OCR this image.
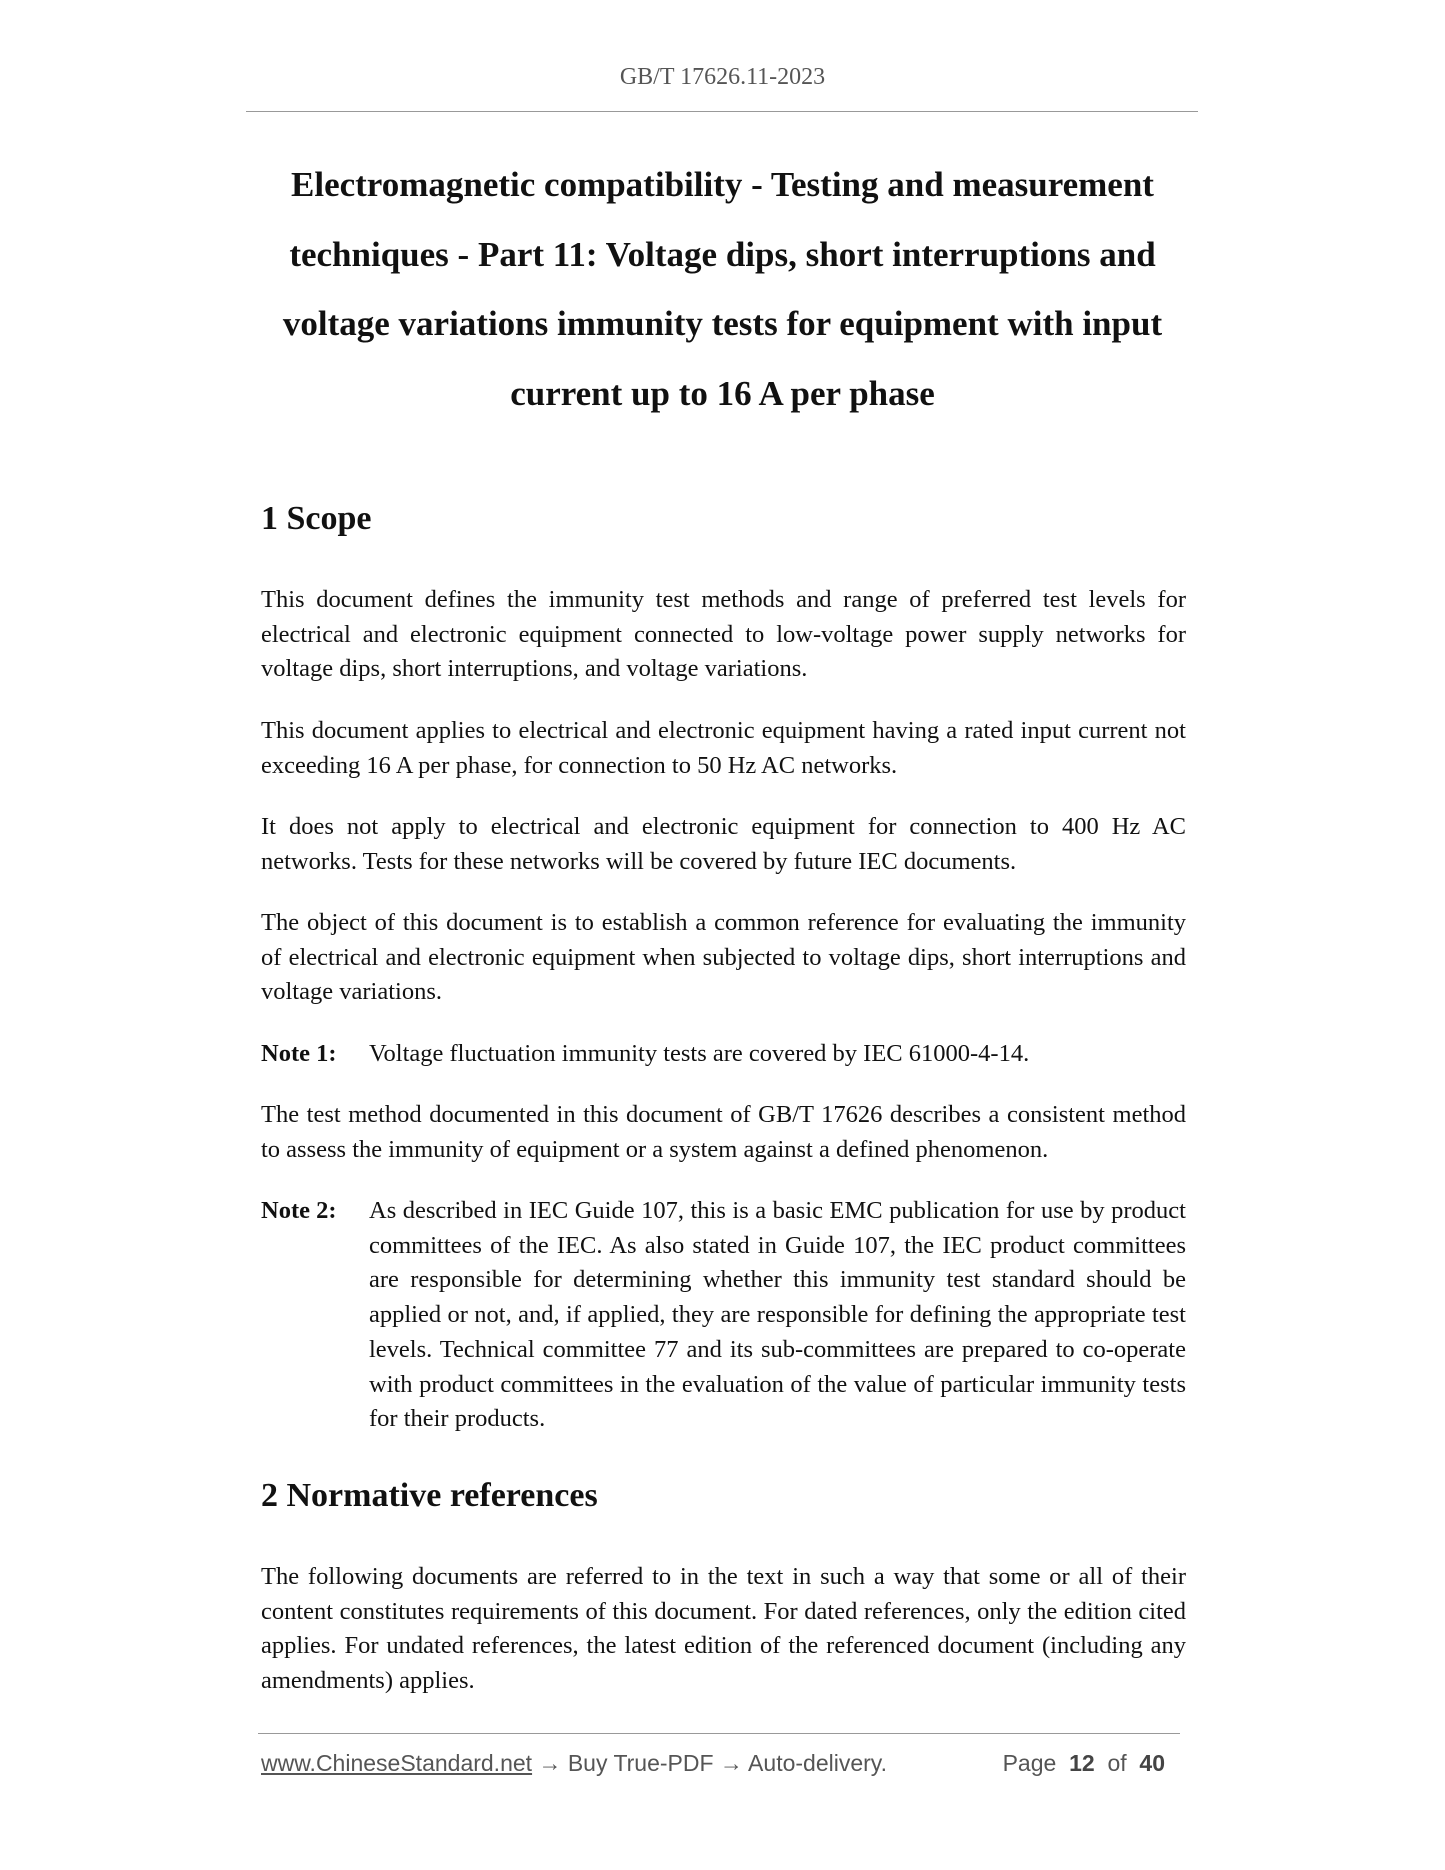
GB/T 17626.11-2023
Electromagnetic compatibility - Testing and measurement techniques - Part 11: Voltage dips, short interruptions and voltage variations immunity tests for equipment with input current up to 16 A per phase
1 Scope
This document defines the immunity test methods and range of preferred test levels for electrical and electronic equipment connected to low-voltage power supply networks for voltage dips, short interruptions, and voltage variations.
This document applies to electrical and electronic equipment having a rated input current not exceeding 16 A per phase, for connection to 50 Hz AC networks.
It does not apply to electrical and electronic equipment for connection to 400 Hz AC networks. Tests for these networks will be covered by future IEC documents.
The object of this document is to establish a common reference for evaluating the immunity of electrical and electronic equipment when subjected to voltage dips, short interruptions and voltage variations.
Note 1:	Voltage fluctuation immunity tests are covered by IEC 61000-4-14.
The test method documented in this document of GB/T 17626 describes a consistent method to assess the immunity of equipment or a system against a defined phenomenon.
Note 2:	As described in IEC Guide 107, this is a basic EMC publication for use by product committees of the IEC. As also stated in Guide 107, the IEC product committees are responsible for determining whether this immunity test standard should be applied or not, and, if applied, they are responsible for defining the appropriate test levels. Technical committee 77 and its sub-committees are prepared to co-operate with product committees in the evaluation of the value of particular immunity tests for their products.
2 Normative references
The following documents are referred to in the text in such a way that some or all of their content constitutes requirements of this document. For dated references, only the edition cited applies. For undated references, the latest edition of the referenced document (including any amendments) applies.
www.ChineseStandard.net → Buy True-PDF → Auto-delivery.	Page 12 of 40
